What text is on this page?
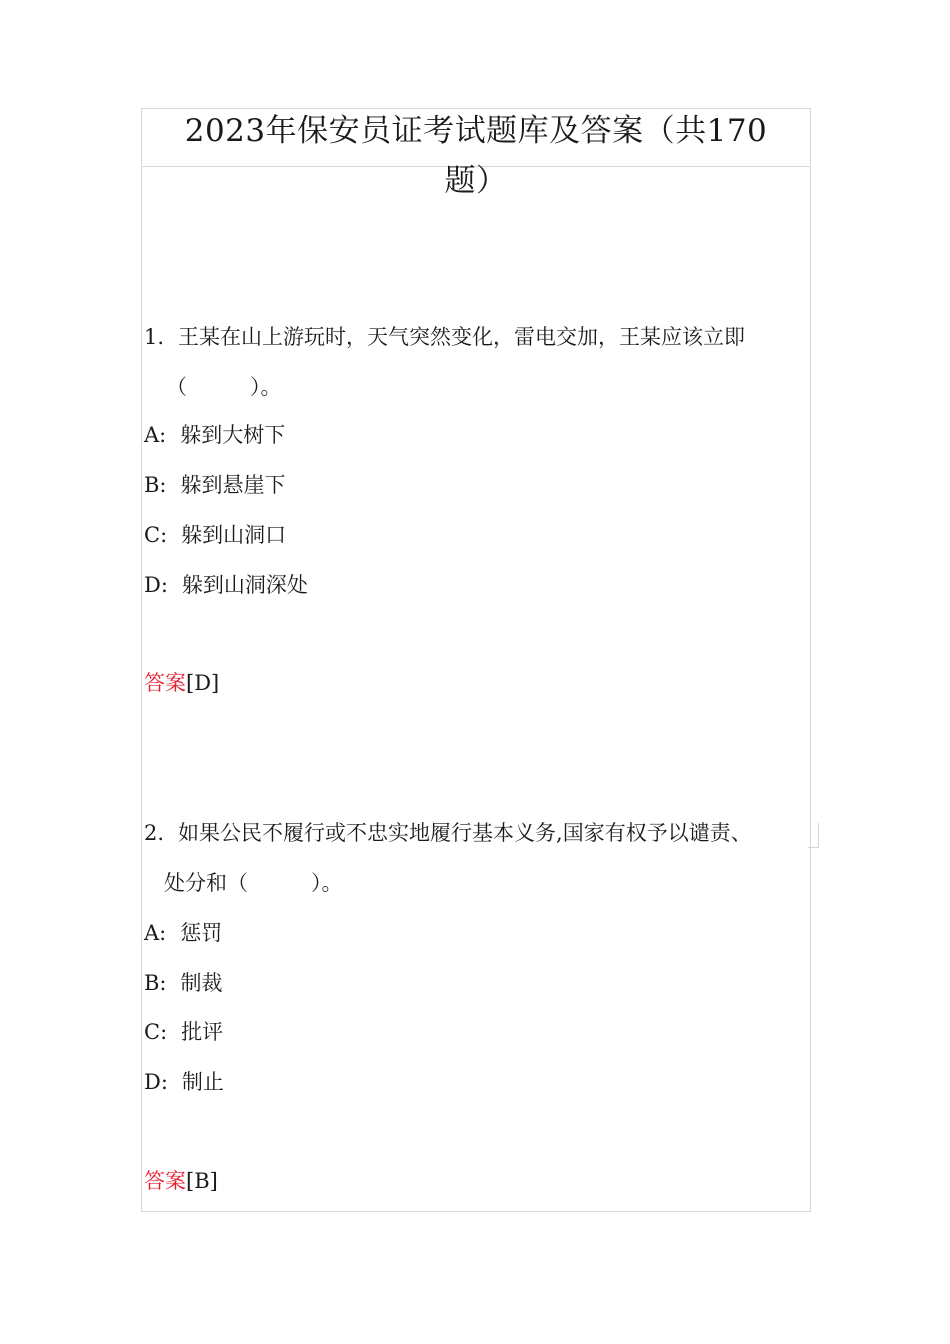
2023年保安员证考试题库及答案（共170
题）

1. 王某在山上游玩时，天气突然变化，雷电交加，王某应该立即

（　　　）。

A: 躲到大树下

B: 躲到悬崖下

C: 躲到山洞口

D: 躲到山洞深处

答案[D]

2. 如果公民不履行或不忠实地履行基本义务,国家有权予以谴责、

处分和（　　　）。

A: 惩罚

B: 制裁

C: 批评

D: 制止

答案[B]
